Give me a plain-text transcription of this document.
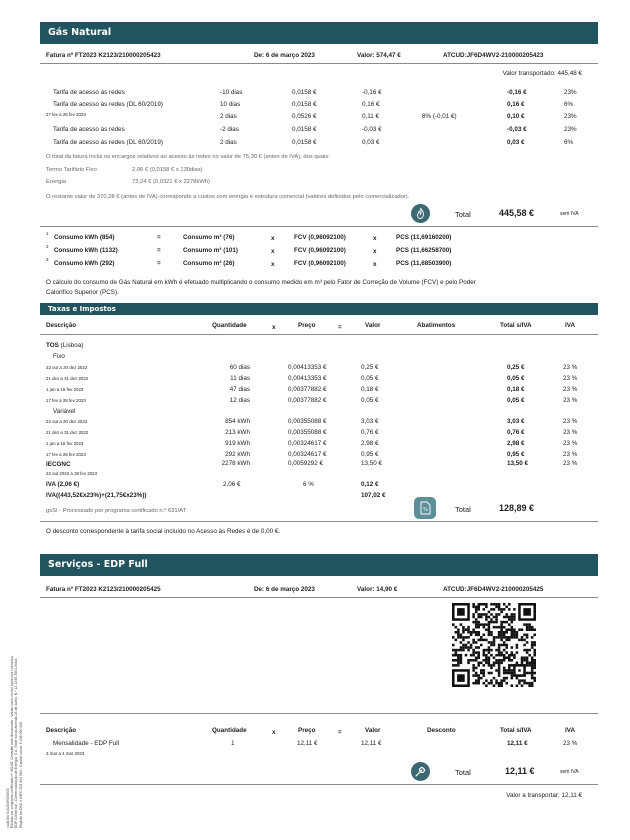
Gás Natural
Fatura nº FT2023 K2123/210000205423	De: 6 de março 2023	Valor: 574,47 €	ATCUD:JF6D4WV2-210000205423
Valor transportado: 445,48 €
Tarifa de acesso às redes	-10 dias	0,0158 €	-0,16 €	-0,16 €	23%
Tarifa de acesso às redes (DL 60/2019)	10 dias	0,0158 €	0,16 €	0,16 €	6%
27 fev a 28 fev 2023	2 dias	0,0526 €	0,11 €	8% (-0,01 €)	0,10 €	23%
Tarifa de acesso às redes	-2 dias	0,0158 €	-0,03 €	-0,03 €	23%
Tarifa de acesso às redes (DL 60/2019)	2 dias	0,0158 €	0,03 €	0,03 €	6%
O total da fatura inclui os encargos relativos ao acesso às redes no valor de 75,30 € (antes de IVA), dos quais:
Termo Tarifário Fixo	2,06 € (0,0158 € x 130dias)
Energia	73,24 € (0,0321 € x 2278kWh)
O restante valor de 370,28 € (antes de IVA) corresponde a custos com energia e estrutura comercial (valores definidos pelo comercializador).
Total	445,58 €	sem IVA
1
Consumo kWh (854)	=	Consumo m³ (76)	x	FCV (0,96092100)	x	PCS (11,69160200)
2
Consumo kWh (1132)	=	Consumo m³ (101)	x	FCV (0,96092100)	x	PCS (11,66258700)
3
Consumo kWh (292)	=	Consumo m³ (26)	x	FCV (0,96092100)	x	PCS (11,68503900)
O cálculo do consumo de Gás Natural em kWh é efetuado multiplicando o consumo medido em m³ pelo Fator de Correção de Volume (FCV) e pelo Poder
Calorífico Superior (PCS).
Taxas e Impostos
Descrição	Quantidade	x	Preço	=	Valor	Abatimentos	Total s/IVA	IVA
TOS (Lisboa)
Fixo
22 out a 20 dez 2022	60 dias	0,00413353 €	0,25 €	0,25 €	23 %
21 dez a 31 dez 2022	11 dias	0,00413353 €	0,05 €	0,05 €	23 %
1 jan a 16 fev 2023	47 dias	0,00377882 €	0,18 €	0,18 €	23 %
17 fev a 28 fev 2023	12 dias	0,00377882 €	0,05 €	0,05 €	23 %
Variável
22 out a 20 dez 2022	854 kWh	0,00355088 €	3,03 €	3,03 €	23 %
21 dez a 31 dez 2022	213 kWh	0,00355088 €	0,76 €	0,76 €	23 %
1 jan a 16 fev 2023	919 kWh	0,00324617 €	2,98 €	2,98 €	23 %
17 fev a 28 fev 2023	292 kWh	0,00324617 €	0,95 €	0,95 €	23 %
IECGNC
22 out 2022 a 28 fev 2023
2278 kWh	0,0059292 €	13,50 €	13,50 €	23 %
IVA (2,06 €)	2,06 €	6 %	0,12 €
IVA((443,52€x23%)+(21,75€x23%))	107,02 €
gsSI - Processado por programa certificado n.º 631/AT	%	Total	128,89 €
O desconto correspondente à tarifa social incluído no Acesso às Redes é de 0,00 €.
Serviços - EDP Full
Fatura nº FT2023 K2123/210000205425	De: 6 de março 2023	Valor: 14,90 €	ATCUD:JF6D4WV2-210000205425
Descrição	Quantidade	x	Preço	=	Valor	Desconto	Total s/IVA	IVA
Mensalidade - EDP Full
3 mar a 4 mar 2023
1	12,11 €	12,11 €	12,11 €	23 %
Total	12,11 €	sem IVA
Valor a transportar: 12,11 €
cod10bk 0102009000000 Emitido por programa certificado nº 481/AT. Consulte este documento - Válido como recibo após boa cobrança EDP Comercial - Comercialização de Energia, S.A. Sede social Avenida 24 de Julho, N.º 12 1249-300 Lisboa Registo na CRC e NIPC 503 504 564 - Capital social: € 248 030 005
